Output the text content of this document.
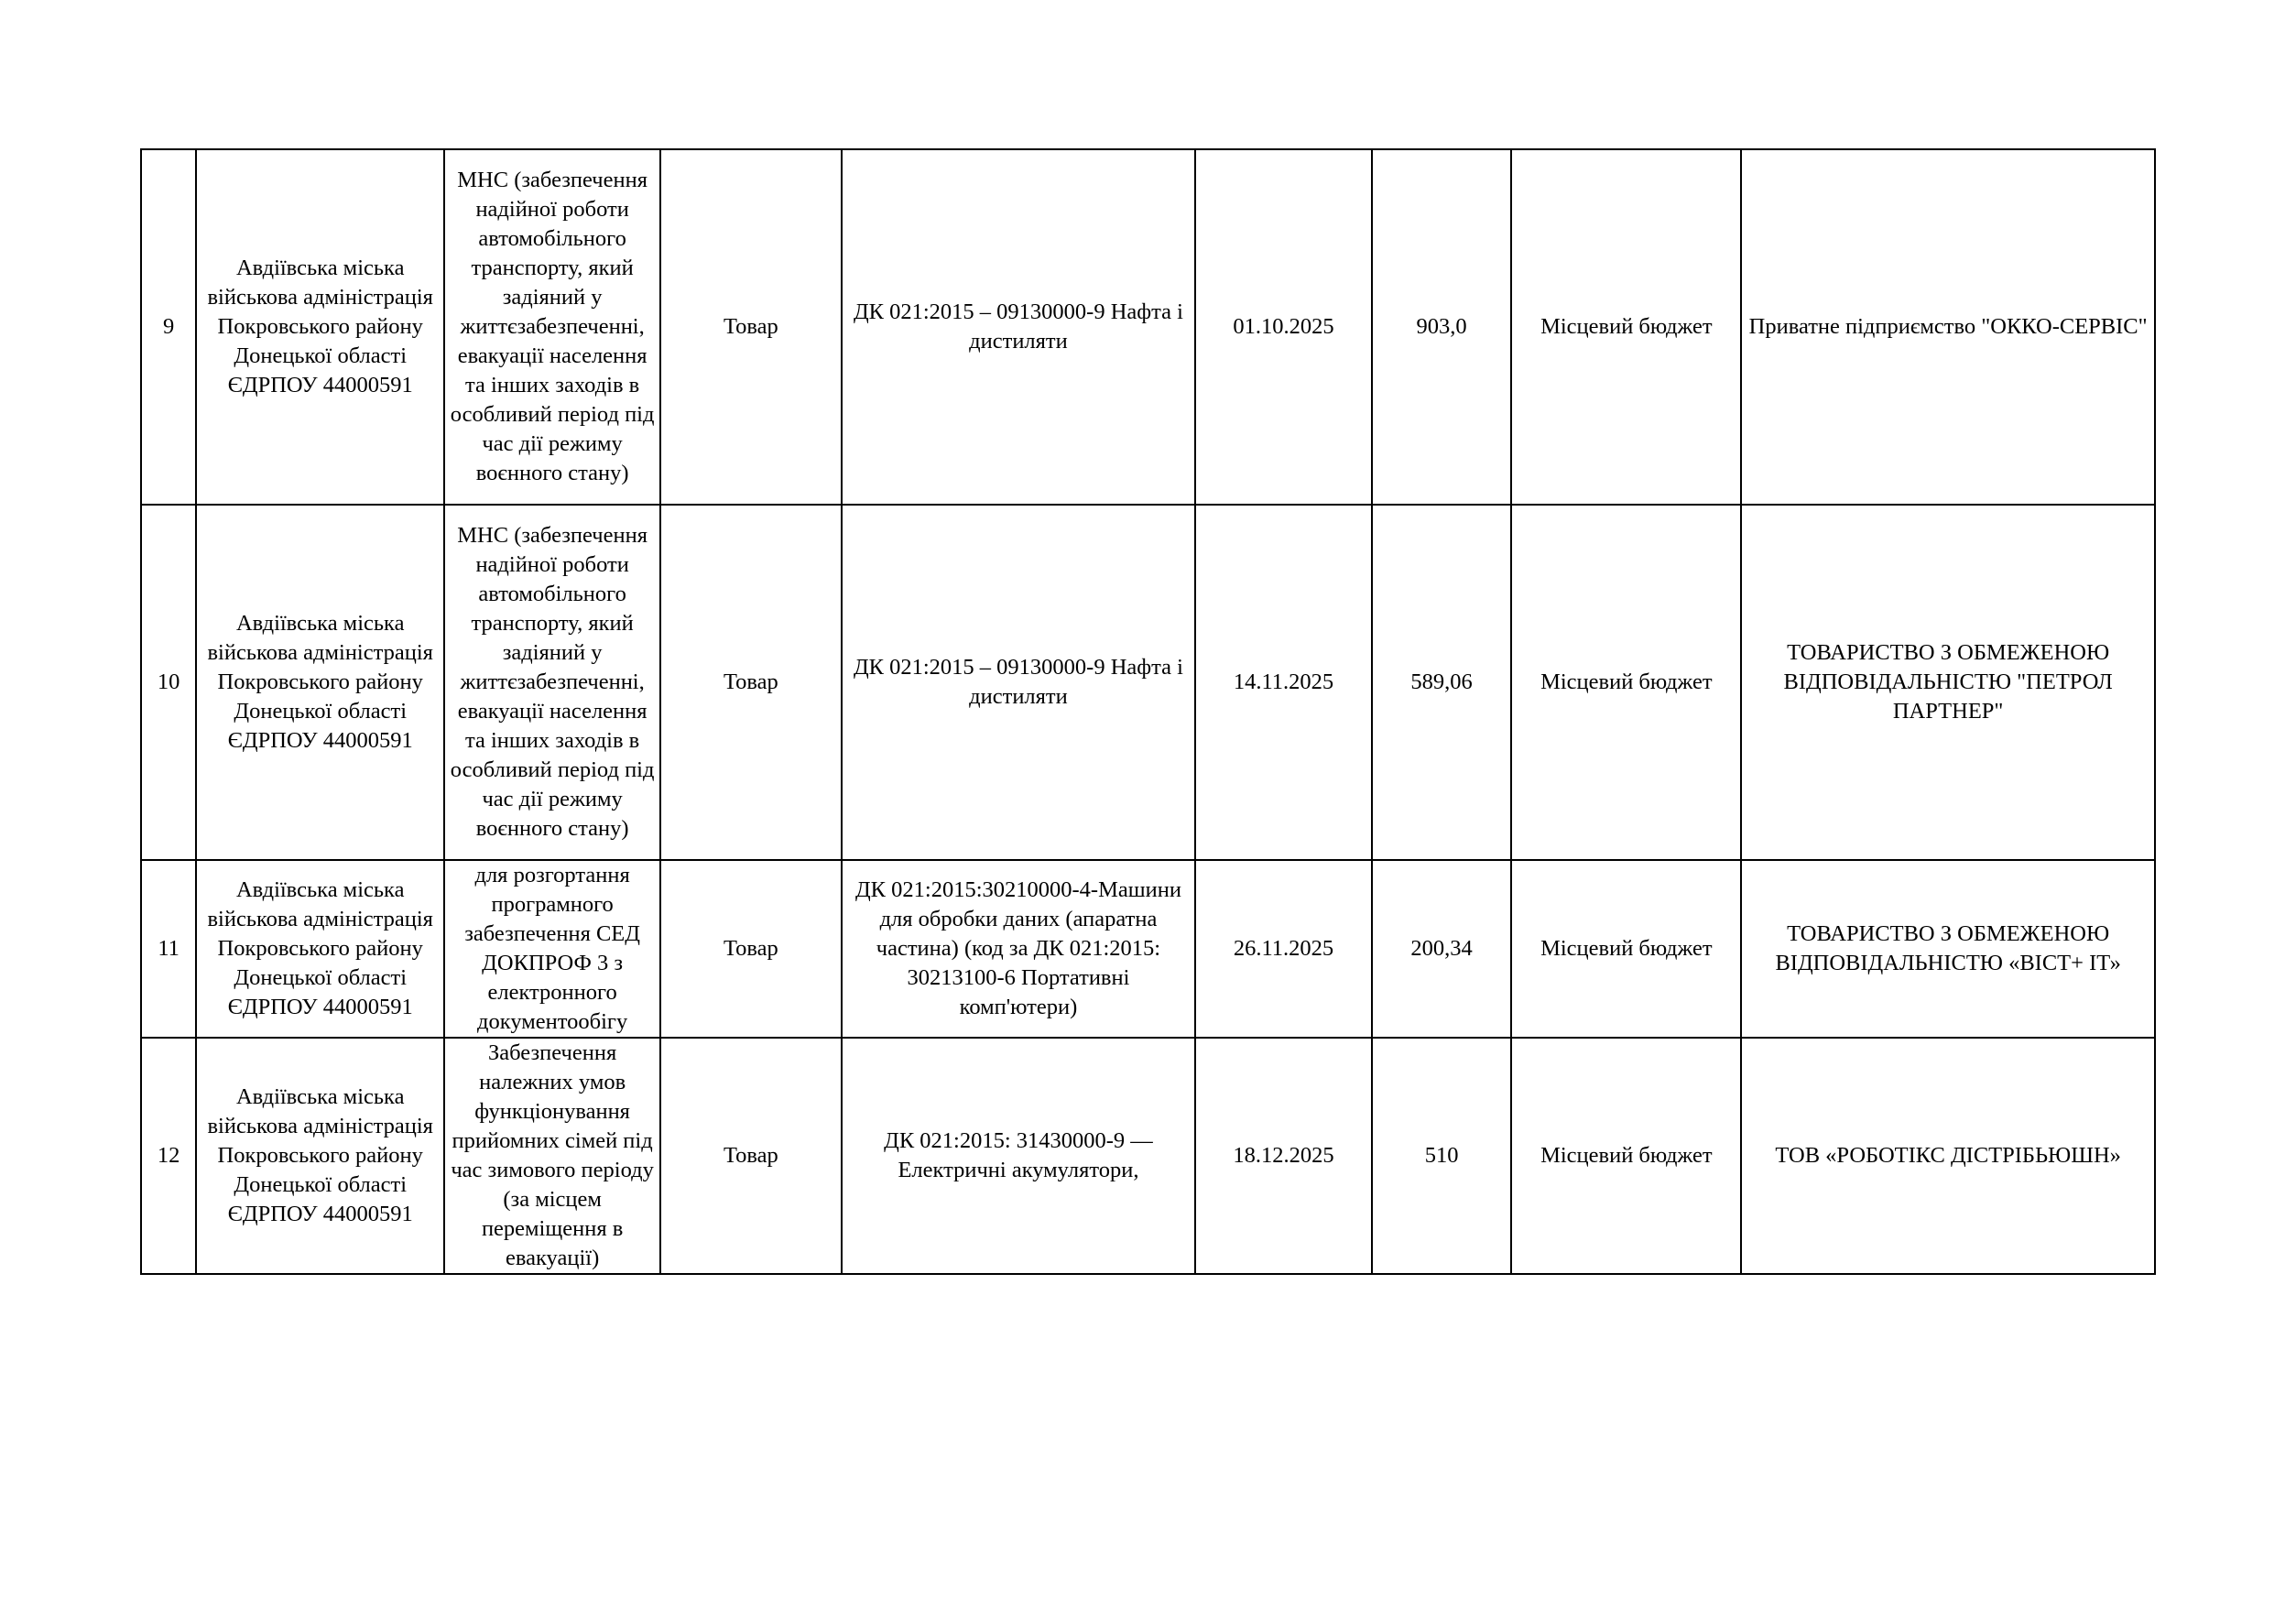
9	Авдіївська міська військова адміністрація Покровського району Донецької області ЄДРПОУ 44000591	МНС (забезпечення надійної роботи автомобільного транспорту, який задіяний у життєзабезпеченні, евакуації населення та інших заходів в особливий період під час дії режиму воєнного стану)	Товар	ДК 021:2015 – 09130000-9 Нафта і дистиляти	01.10.2025	903,0	Місцевий бюджет	Приватне підприємство "ОККО-СЕРВІС"
10	Авдіївська міська військова адміністрація Покровського району Донецької області ЄДРПОУ 44000591	МНС (забезпечення надійної роботи автомобільного транспорту, який задіяний у життєзабезпеченні, евакуації населення та інших заходів в особливий період під час дії режиму воєнного стану)	Товар	ДК 021:2015 – 09130000-9 Нафта і дистиляти	14.11.2025	589,06	Місцевий бюджет	ТОВАРИСТВО З ОБМЕЖЕНОЮ ВІДПОВІДАЛЬНІСТЮ "ПЕТРОЛ ПАРТНЕР"
11	Авдіївська міська військова адміністрація Покровського району Донецької області ЄДРПОУ 44000591	для розгортання програмного забезпечення СЕД ДОКПРОФ 3 з електронного документообігу	Товар	ДК 021:2015:30210000-4-Машини для обробки даних (апаратна частина) (код за ДК 021:2015: 30213100-6 Портативні комп'ютери)	26.11.2025	200,34	Місцевий бюджет	ТОВАРИСТВО З ОБМЕЖЕНОЮ ВІДПОВІДАЛЬНІСТЮ «ВІСТ+ ІТ»
12	Авдіївська міська військова адміністрація Покровського району Донецької області ЄДРПОУ 44000591	Забезпечення належних умов функціонування прийомних сімей під час зимового періоду (за місцем переміщення в евакуації)	Товар	ДК 021:2015: 31430000-9 — Електричні акумулятори,	18.12.2025	510	Місцевий бюджет	ТОВ «РОБОТІКС ДІСТРІБЬЮШН»
